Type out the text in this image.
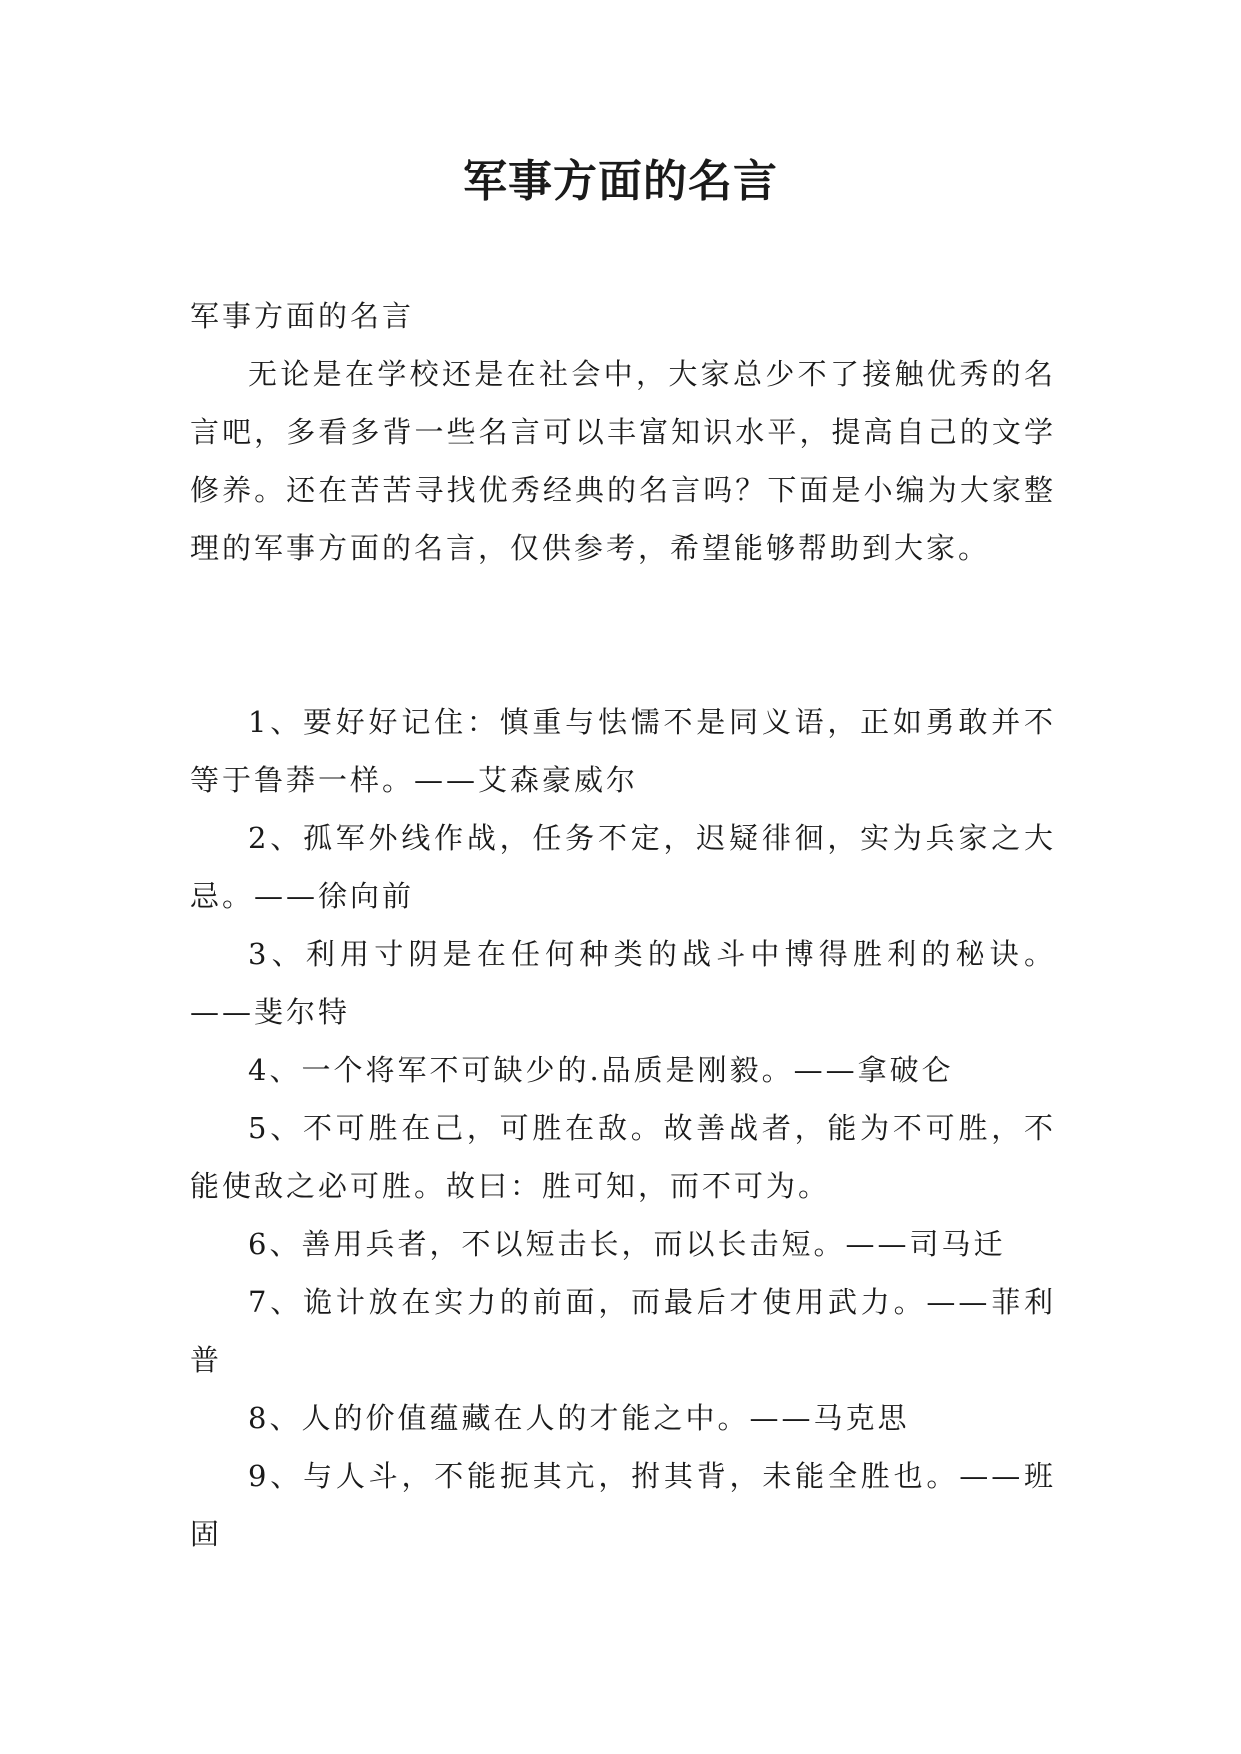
军事方面的名言

军事方面的名言

无论是在学校还是在社会中，大家总少不了接触优秀的名言吧，多看多背一些名言可以丰富知识水平，提高自己的文学修养。还在苦苦寻找优秀经典的名言吗？下面是小编为大家整理的军事方面的名言，仅供参考，希望能够帮助到大家。

1、要好好记住：慎重与怯懦不是同义语，正如勇敢并不等于鲁莽一样。——艾森豪威尔

2、孤军外线作战，任务不定，迟疑徘徊，实为兵家之大忌。——徐向前

3、利用寸阴是在任何种类的战斗中博得胜利的秘诀。——斐尔特

4、一个将军不可缺少的.品质是刚毅。——拿破仑

5、不可胜在己，可胜在敌。故善战者，能为不可胜，不能使敌之必可胜。故曰：胜可知，而不可为。

6、善用兵者，不以短击长，而以长击短。——司马迁

7、诡计放在实力的前面，而最后才使用武力。——菲利普

8、人的价值蕴藏在人的才能之中。——马克思

9、与人斗，不能扼其亢，拊其背，未能全胜也。——班固
